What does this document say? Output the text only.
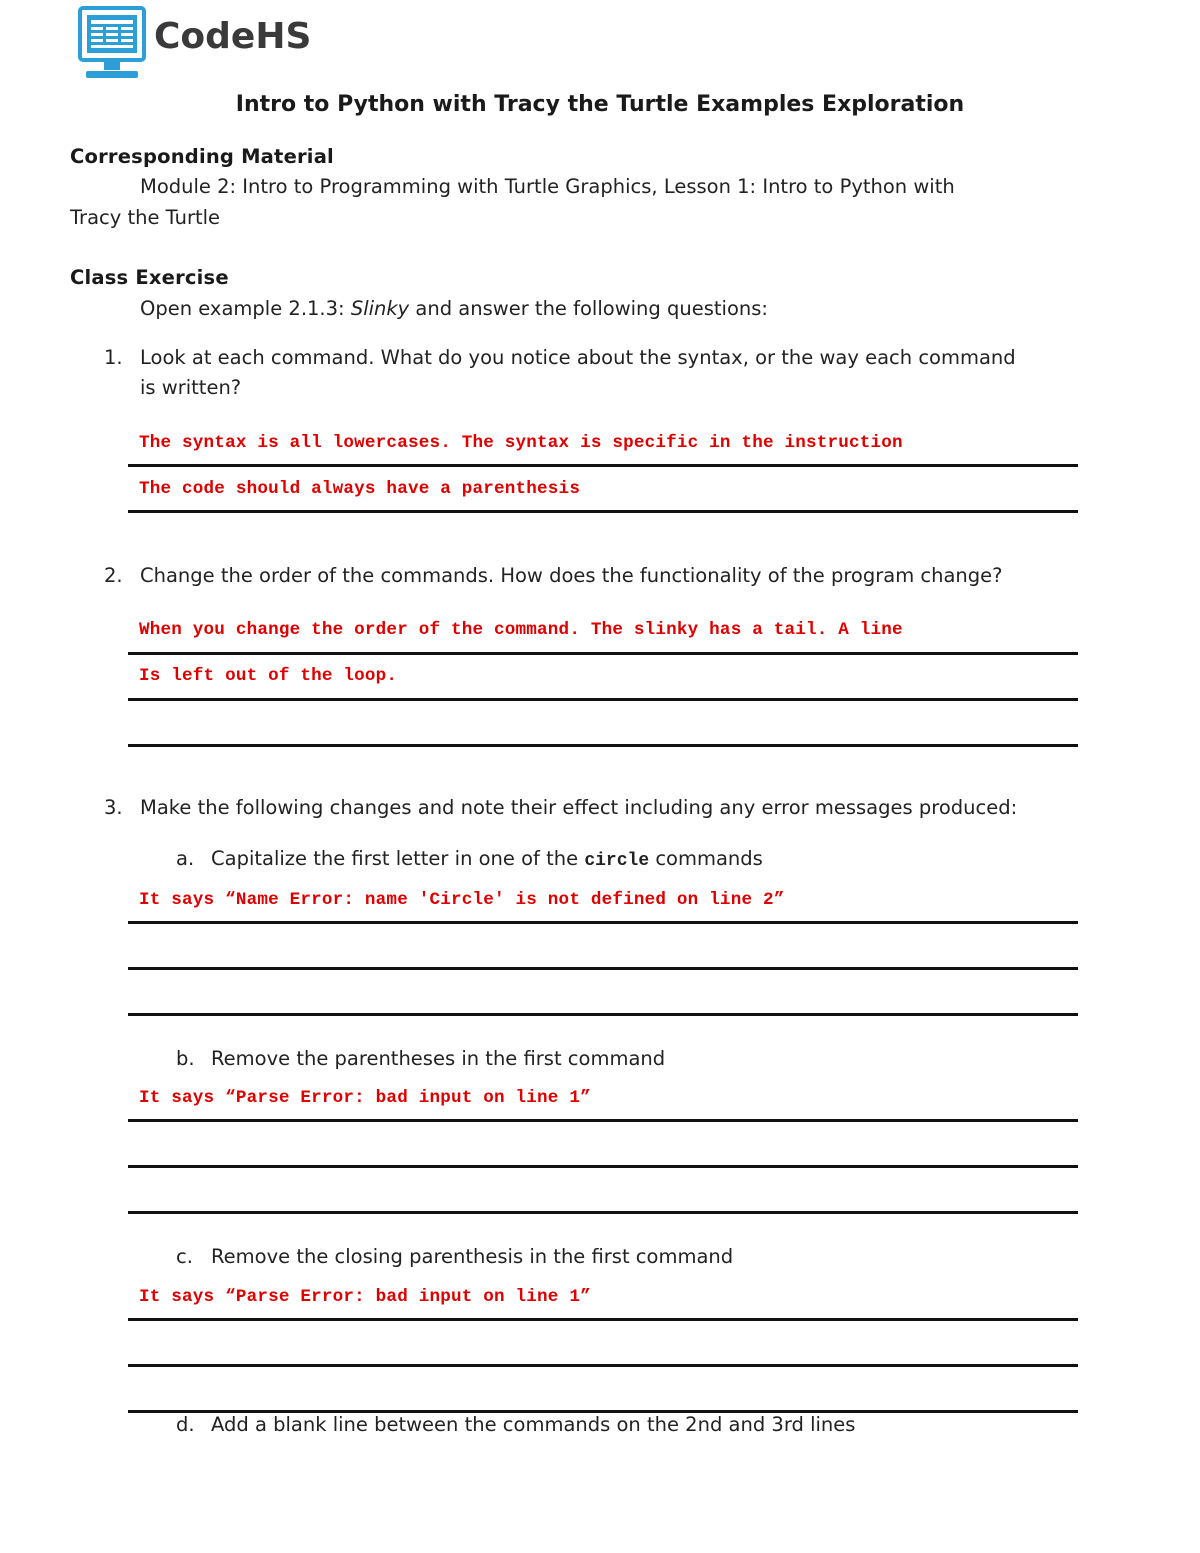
CodeHS
Intro to Python with Tracy the Turtle Examples Exploration
Corresponding Material
Module 2: Intro to Programming with Turtle Graphics, Lesson 1: Intro to Python with
Tracy the Turtle
Class Exercise
Open example 2.1.3: Slinky and answer the following questions:
1. Look at each command. What do you notice about the syntax, or the way each command
is written?
The syntax is all lowercases. The syntax is specific in the instruction
The code should always have a parenthesis
2. Change the order of the commands. How does the functionality of the program change?
When you change the order of the command. The slinky has a tail. A line
Is left out of the loop.
3. Make the following changes and note their effect including any error messages produced:
a. Capitalize the first letter in one of the circle commands
It says “Name Error: name 'Circle' is not defined on line 2”
b. Remove the parentheses in the first command
It says “Parse Error: bad input on line 1”
c. Remove the closing parenthesis in the first command
It says “Parse Error: bad input on line 1”
d. Add a blank line between the commands on the 2nd and 3rd lines
